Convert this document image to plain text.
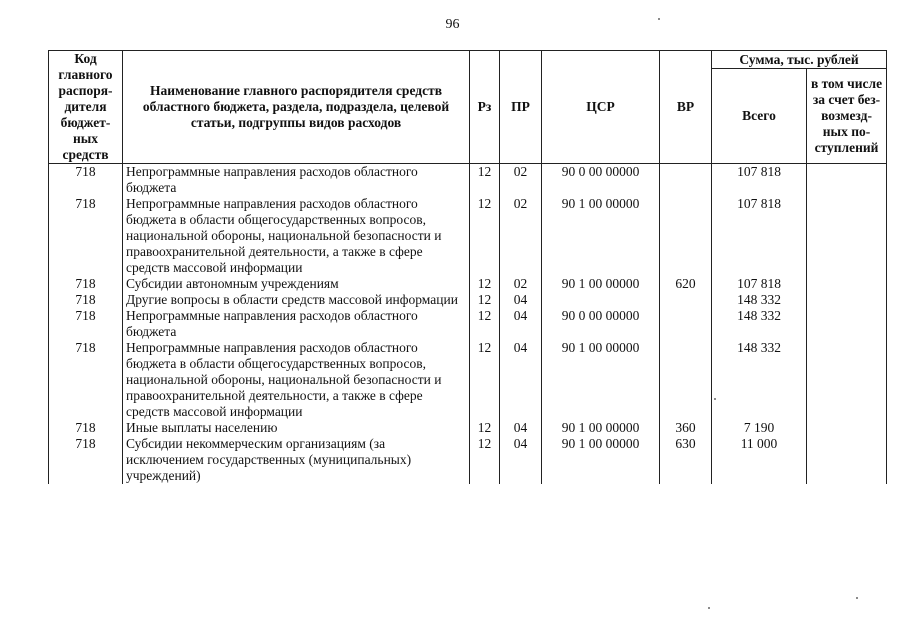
96
Код главного распоря-дителя бюджет-ных средств	Наименование главного распорядителя средств областного бюджета, раздела, подраздела, целевой статьи, подгруппы видов расходов	Рз	ПР	ЦСР	ВР	Сумма, тыс. рублей	
						Всего	в том числе за счет без-возмезд-ных по-ступлений
718	Непрограммные направления расходов областного бюджета	12	02	90 0 00 00000		107 818	
718	Непрограммные направления расходов областного бюджета в области общегосударственных вопросов, национальной обороны, национальной безопасности и правоохранительной деятельности, а также в сфере средств массовой информации	12	02	90 1 00 00000		107 818	
718	Субсидии автономным учреждениям	12	02	90 1 00 00000	620	107 818	
718	Другие вопросы в области средств массовой информации	12	04			148 332	
718	Непрограммные направления расходов областного бюджета	12	04	90 0 00 00000		148 332	
718	Непрограммные направления расходов областного бюджета в области общегосударственных вопросов, национальной обороны, национальной безопасности и правоохранительной деятельности, а также в сфере средств массовой информации	12	04	90 1 00 00000		148 332	
718	Иные выплаты населению	12	04	90 1 00 00000	360	7 190	
718	Субсидии некоммерческим организациям (за исключением государственных (муниципальных) учреждений)	12	04	90 1 00 00000	630	11 000	
